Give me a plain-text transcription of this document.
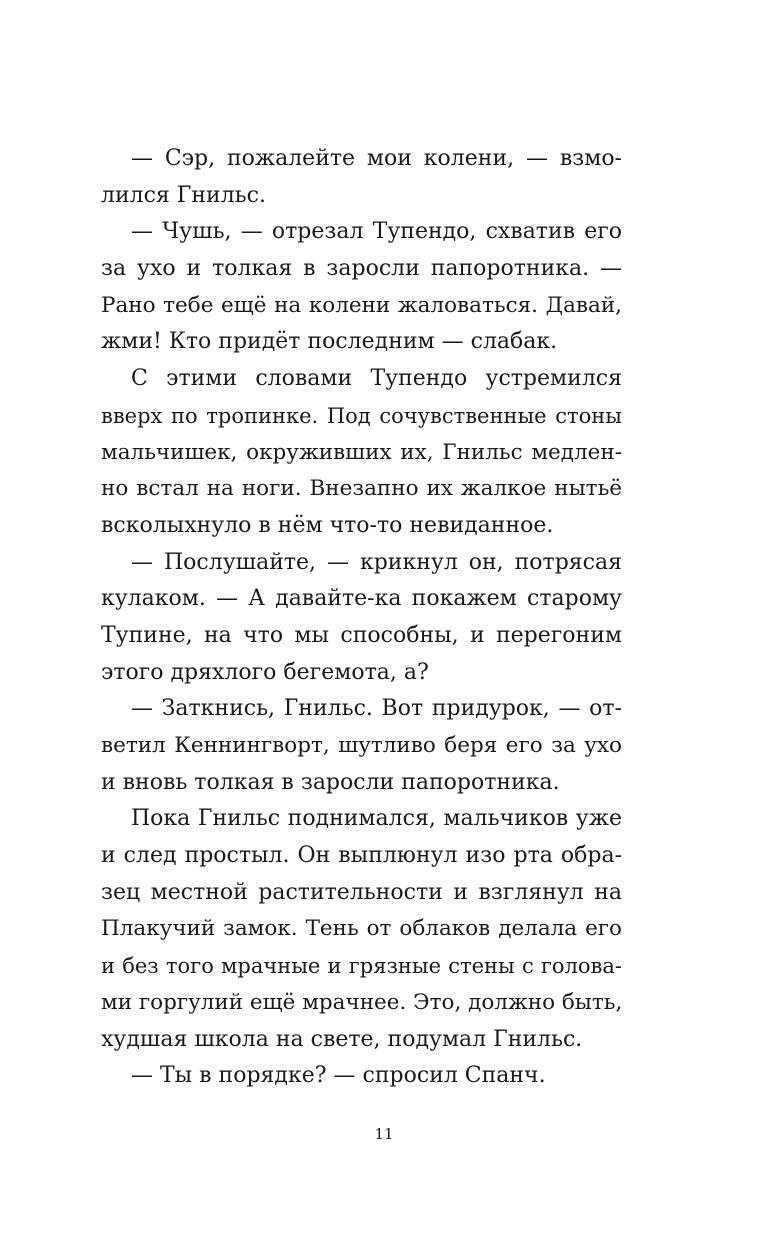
— Сэр, пожалейте мои колени, — взмо-
лился Гнильс.
— Чушь, — отрезал Тупендо, схватив его
за ухо и толкая в заросли папоротника. —
Рано тебе ещё на колени жаловаться. Давай,
жми! Кто придёт последним — слабак.
С этими словами Тупендо устремился
вверх по тропинке. Под сочувственные стоны
мальчишек, окруживших их, Гнильс медлен-
но встал на ноги. Внезапно их жалкое нытьё
всколыхнуло в нём что-то невиданное.
— Послушайте, — крикнул он, потрясая
кулаком. — А давайте-ка покажем старому
Тупине, на что мы способны, и перегоним
этого дряхлого бегемота, а?
— Заткнись, Гнильс. Вот придурок, — от-
ветил Кеннингворт, шутливо беря его за ухо
и вновь толкая в заросли папоротника.
Пока Гнильс поднимался, мальчиков уже
и след простыл. Он выплюнул изо рта обра-
зец местной растительности и взглянул на
Плакучий замок. Тень от облаков делала его
и без того мрачные и грязные стены с голова-
ми горгулий ещё мрачнее. Это, должно быть,
худшая школа на свете, подумал Гнильс.
— Ты в порядке? — спросил Спанч.
11
